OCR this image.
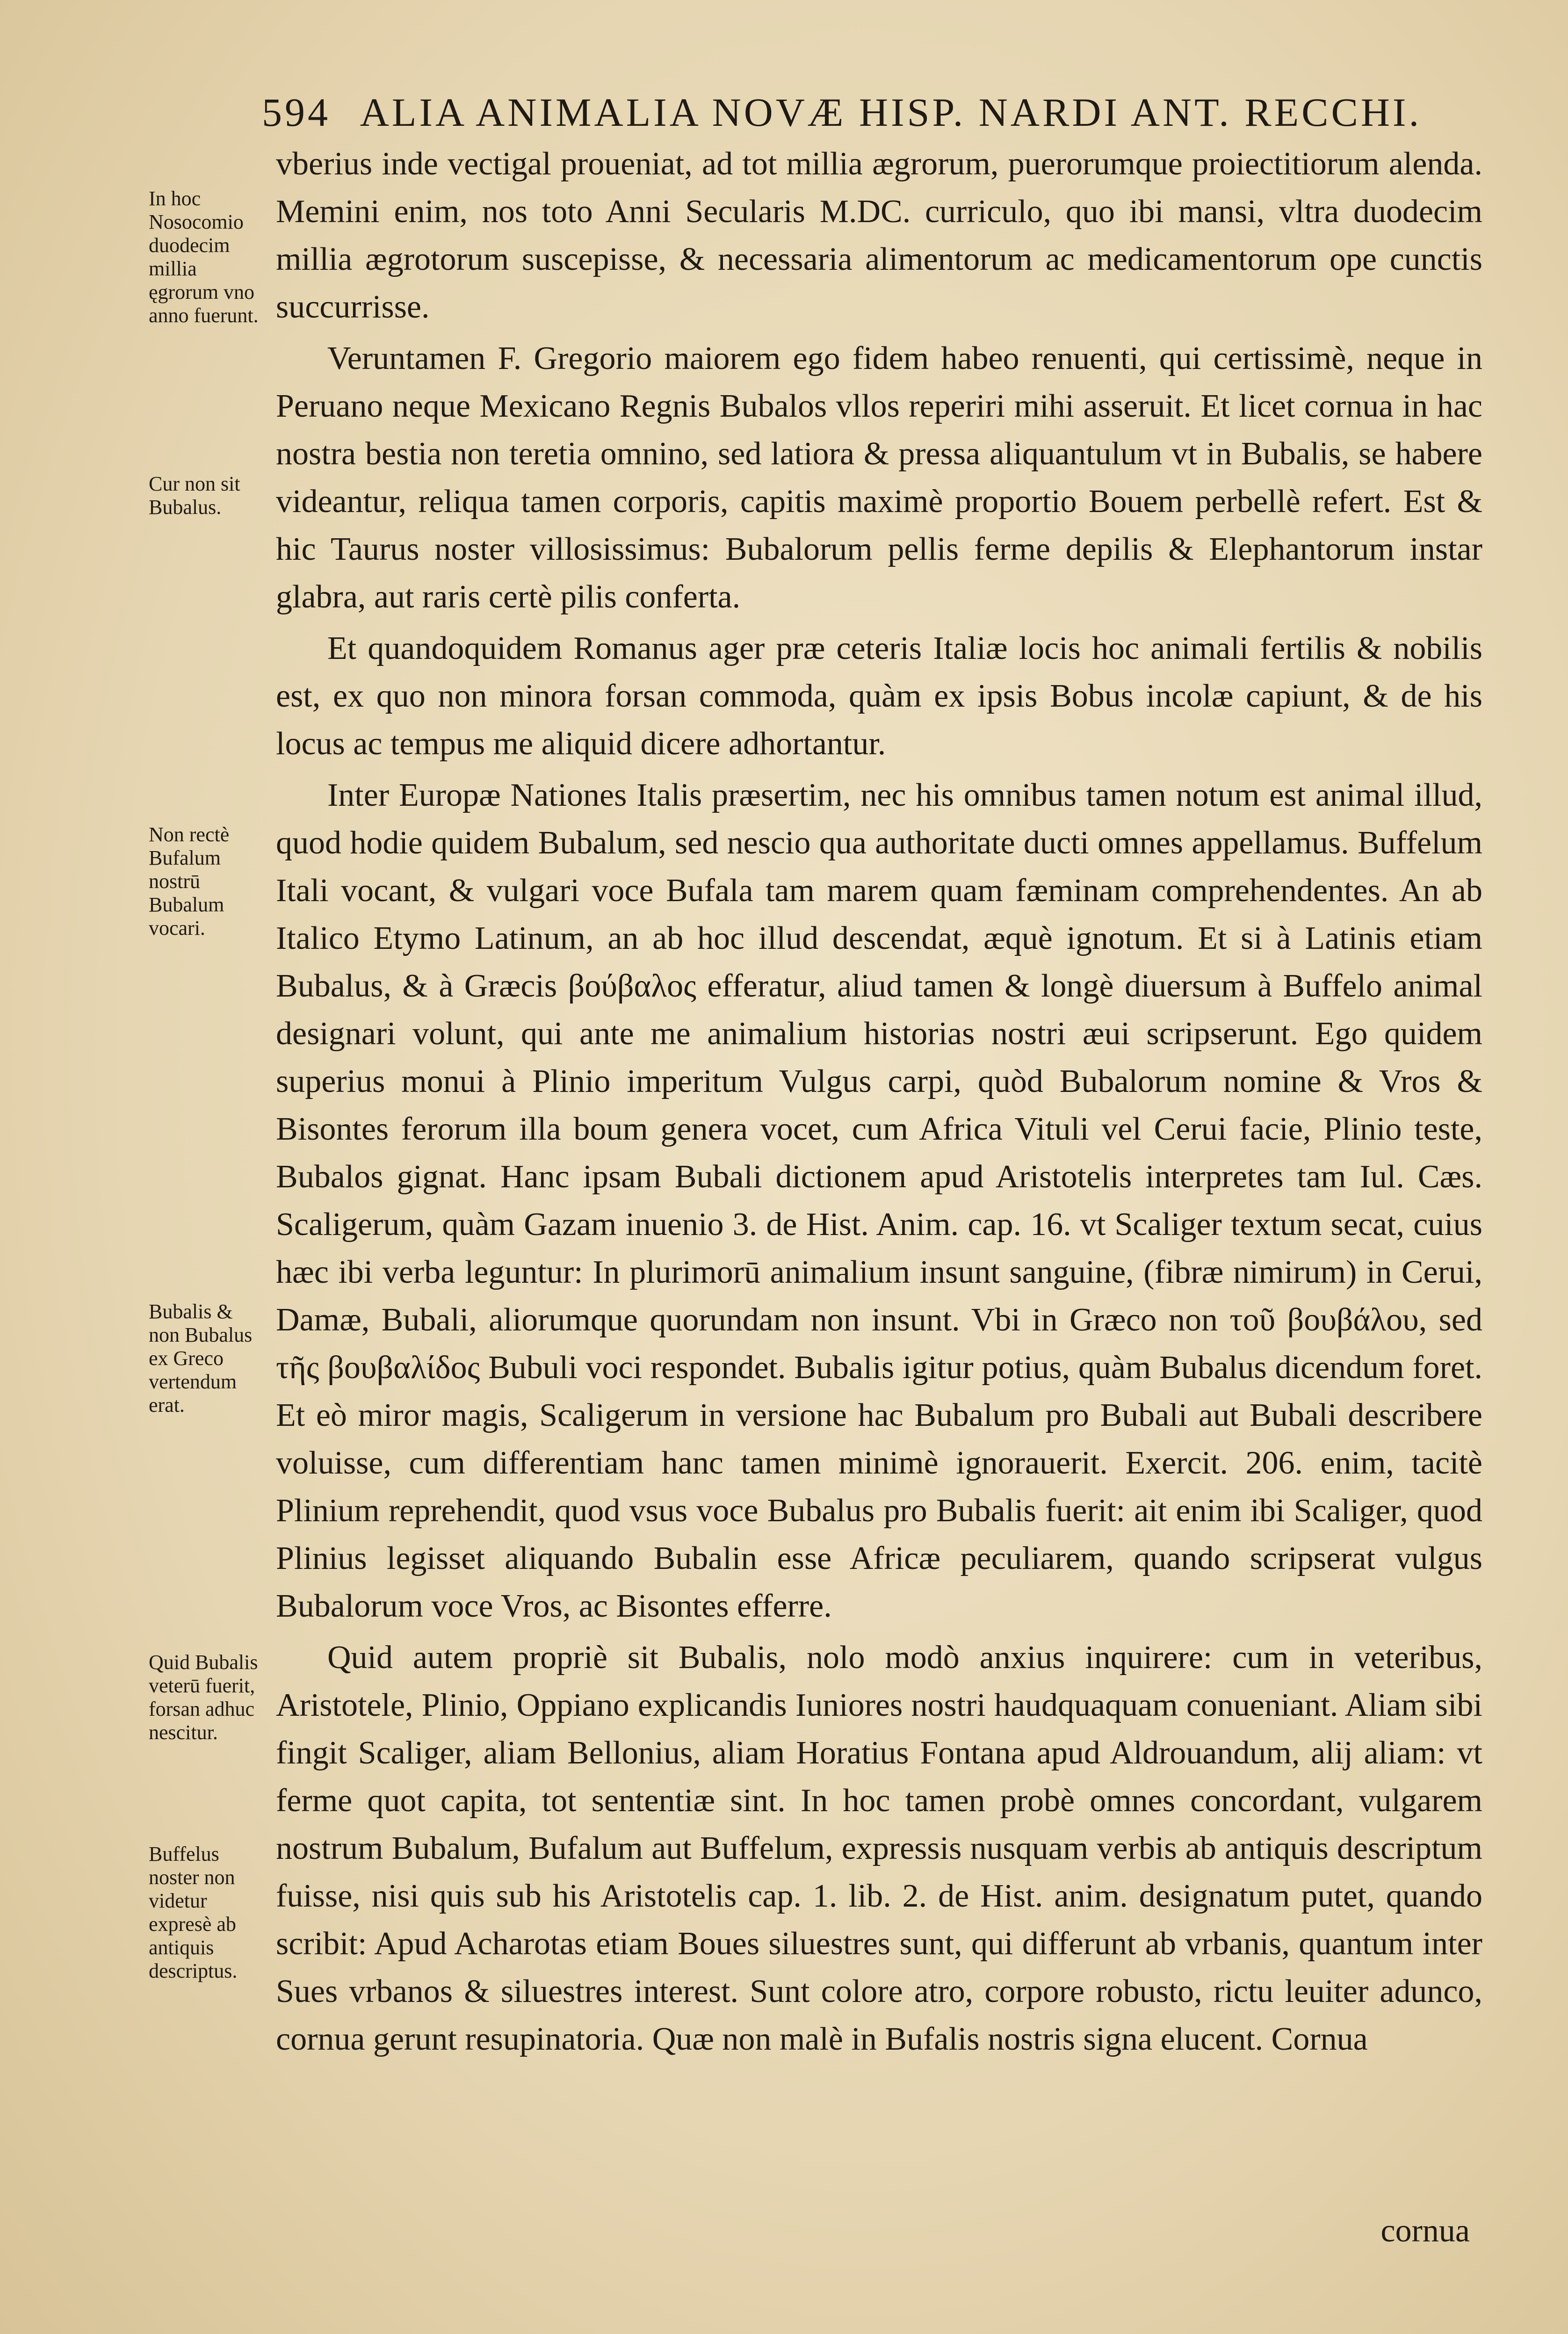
594 ALIA ANIMALIA NOVÆ HISP. NARDI ANT. RECCHI.
In hoc Nosocomio duodecim millia ęgrorum vno anno fuerunt.
Cur non sit Bubalus.
Non rectè Bufalum nostrū Bubalum vocari.
Bubalis & non Bubalus ex Grecо vertendum erat.
Quid Bubalis veterū fuerit, forsan adhuc nescitur.
Buffelus noster non videtur expresè ab antiquis descriptus.

vberius inde vectigal proueniat, ad tot millia ægrorum, puerorumque proiectitiorum alenda. Memini enim, nos toto Anni Secularis M.DC. curriculo, quo ibi mansi, vltra duodecim millia ægrotorum suscepisse, & necessaria alimentorum ac medicamentorum ope cunctis succurrisse.

Veruntamen F. Gregorio maiorem ego fidem habeo renuenti, qui certissimè, neque in Peruano neque Mexicano Regnis Bubalos vllos reperiri mihi asseruit. Et licet cornua in hac nostra bestia non teretia omnino, sed latiora & pressa aliquantulum vt in Bubalis, se habere videantur, reliqua tamen corporis, capitis maximè proportio Bouem perbellè refert. Est & hic Taurus noster villosissimus: Bubalorum pellis ferme depilis & Elephantorum instar glabra, aut raris certè pilis conferta.

Et quandoquidem Romanus ager præ ceteris Italiæ locis hoc animali fertilis & nobilis est, ex quo non minora forsan commoda, quàm ex ipsis Bobus incolæ capiunt, & de his locus ac tempus me aliquid dicere adhortantur.

Inter Europæ Nationes Italis præsertim, nec his omnibus tamen notum est animal illud, quod hodie quidem Bubalum, sed nescio qua authoritate ducti omnes appellamus. Buffelum Itali vocant, & vulgari voce Bufala tam marem quam fæminam comprehendentes. An ab Italico Etymo Latinum, an ab hoc illud descendat, æquè ignotum. Et si à Latinis etiam Bubalus, & à Græcis βούβαλος efferatur, aliud tamen & longè diuersum à Buffelo animal designari volunt, qui ante me animalium historias nostri æui scripserunt. Ego quidem superius monui à Plinio imperitum Vulgus carpi, quòd Bubalorum nomine & Vros & Bisontes ferorum illa boum genera vocet, cum Africa Vituli vel Cerui facie, Plinio teste, Bubalos gignat. Hanc ipsam Bubali dictionem apud Aristotelis interpretes tam Iul. Cæs. Scaligerum, quàm Gazam inuenio 3. de Hist. Anim. cap. 16. vt Scaliger textum secat, cuius hæc ibi verba leguntur: In plurimorū animalium insunt sanguine, (fibræ nimirum) in Cerui, Damæ, Bubali, aliorumque quorundam non insunt. Vbi in Græco non τοῦ βουβάλου, sed τῆς βουβαλίδος Bubuli voci respondet. Bubalis igitur potius, quàm Bubalus dicendum foret. Et eò miror magis, Scaligerum in versione hac Bubalum pro Bubali aut Bubali describere voluisse, cum differentiam hanc tamen minimè ignorauerit. Exercit. 206. enim, tacitè Plinium reprehendit, quod vsus voce Bubalus pro Bubalis fuerit: ait enim ibi Scaliger, quod Plinius legisset aliquando Bubalin esse Africæ peculiarem, quando scripserat vulgus Bubalorum voce Vros, ac Bisontes efferre.

Quid autem propriè sit Bubalis, nolo modò anxius inquirere: cum in veteribus, Aristotele, Plinio, Oppiano explicandis Iuniores nostri haudquaquam conueniant. Aliam sibi fingit Scaliger, aliam Bellonius, aliam Horatius Fontana apud Aldrouandum, alij aliam: vt ferme quot capita, tot sententiæ sint. In hoc tamen probè omnes concordant, vulgarem nostrum Bubalum, Bufalum aut Buffelum, expressis nusquam verbis ab antiquis descriptum fuisse, nisi quis sub his Aristotelis cap. 1. lib. 2. de Hist. anim. designatum putet, quando scribit: Apud Acharotas etiam Boues siluestres sunt, qui differunt ab vrbanis, quantum inter Sues vrbanos & siluestres interest. Sunt colore atro, corpore robusto, rictu leuiter adunco, cornua gerunt resupinatoria. Quæ non malè in Bufalis nostris signa elucent. Cornua

cornua
